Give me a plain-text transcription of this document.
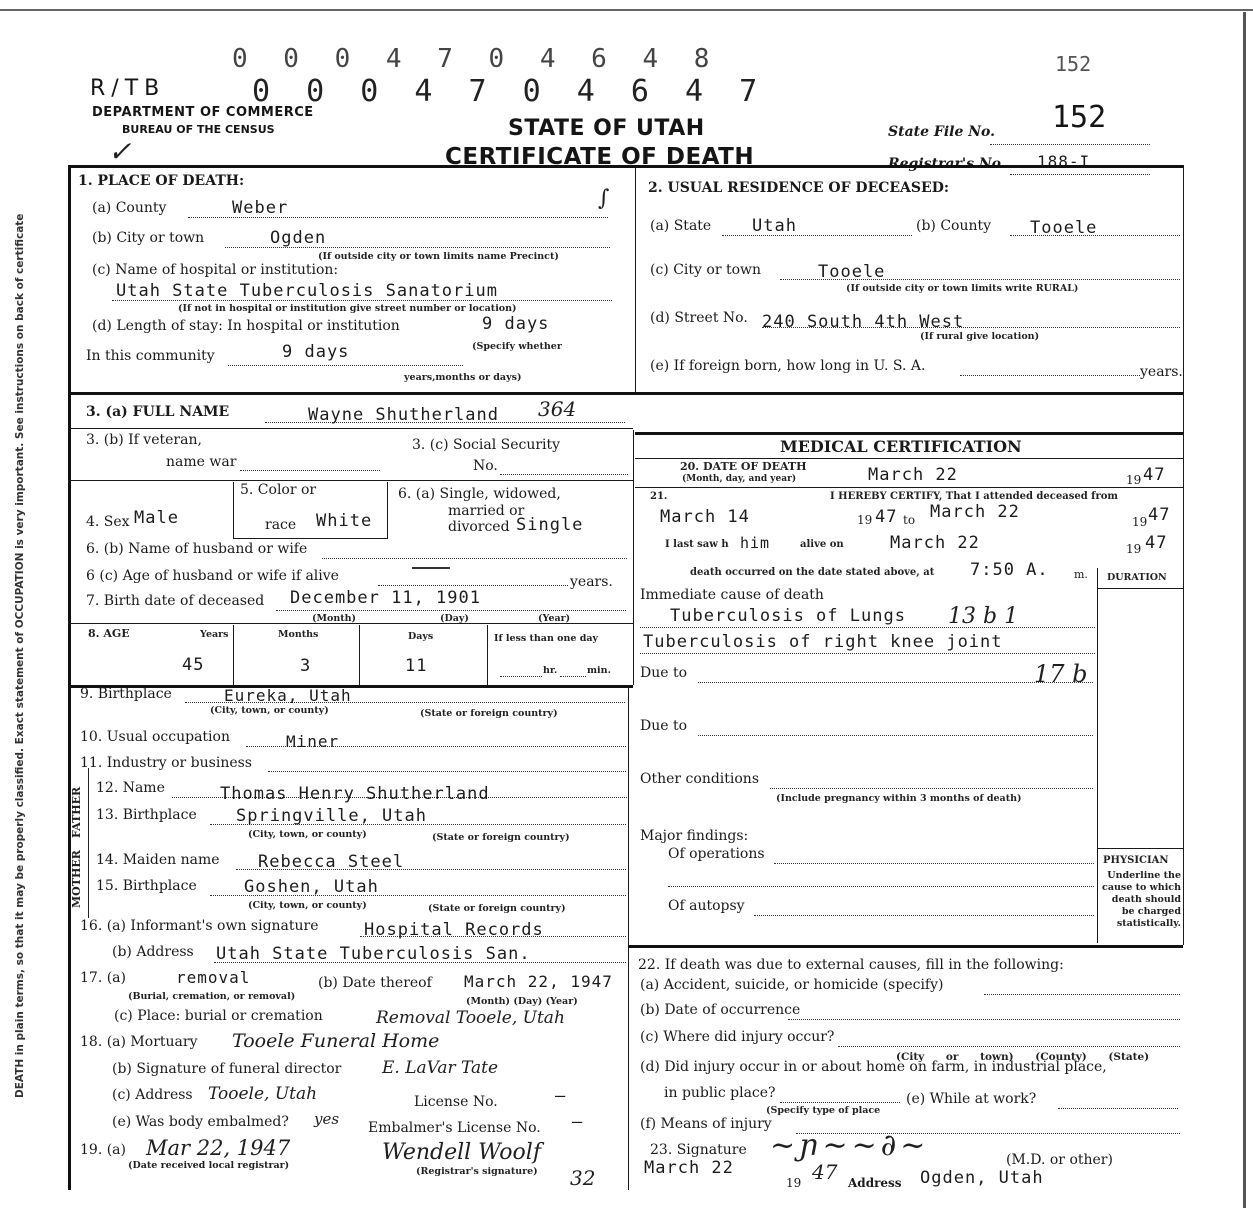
0 0 0 4 7 0 4 6 4 8	152
R/TB	0 0 0 4 7 0 4 6 4 7
DEPARTMENT OF COMMERCE
BUREAU OF THE CENSUS	STATE OF UTAH
CERTIFICATE OF DEATH
State File No. 152
Registrar's No. 188-I
✓
DEATH in plain terms, so that it may be properly classified. Exact statement of OCCUPATION is very important. See instructions on back of certificate
1. PLACE OF DEATH:
∫
(a) County	Weber
(b) City or town	Ogden
(If outside city or town limits name Precinct)
(c) Name of hospital or institution:
Utah State Tuberculosis Sanatorium
(If not in hospital or institution give street number or location)
(d) Length of stay: In hospital or institution	9 days
In this community	9 days	(Specify whether
years,months or days)
2. USUAL RESIDENCE OF DECEASED:
(a) State Utah	(b) County Tooele
(c) City or town	Tooele
(If outside city or town limits write RURAL)
(d) Street No. 240 South 4th West
(If rural give location)
(e) If foreign born, how long in U. S. A.	years.
3. (a) FULL NAME	Wayne Shutherland 364
3. (b) If veteran,
name war
3. (c) Social Security
No.
4. Sex Male
5. Color or
race White
6. (a) Single, widowed,
married or
divorced Single
6. (b) Name of husband or wife
6 (c) Age of husband or wife if alive	years.
7. Birth date of deceased December 11, 1901
(Month)	(Day)	(Year)
8. AGE	Years	Months	Days	If less than one day
45	3	11	hr.	min.
9. Birthplace	Eureka, Utah
(City, town, or county)	(State or foreign country)
10. Usual occupation	Miner
11. Industry or business
FATHER
MOTHER
12. Name	Thomas Henry Shutherland
13. Birthplace Springville, Utah
(City, town, or county)	(State or foreign country)
14. Maiden name Rebecca Steel
15. Birthplace	Goshen, Utah
(City, town, or county)	(State or foreign country)
16. (a) Informant's own signature	Hospital Records
(b) Address Utah State Tuberculosis San.
17. (a)	removal
(Burial, cremation, or removal)
(b) Date thereof March 22, 1947
(Month) (Day) (Year)
(c) Place: burial or cremation	Removal Tooele, Utah
18. (a) Mortuary Tooele Funeral Home
(b) Signature of funeral director E. LaVar Tate
(c) Address Tooele, Utah	License No.	—
(e) Was body embalmed? yes Embalmer's License No. —
19. (a) Mar 22, 1947
(Date received local registrar)
Wendell Woolf
(Registrar's signature) 32
MEDICAL CERTIFICATION
20. DATE OF DEATH
(Month, day, and year)	March 22	19 47
21.	I HEREBY CERTIFY, That I attended deceased from
March 14	19 47 to March 22	19 47
I last saw h him	alive on	March 22	19 47
death occurred on the date stated above, at 7:50 A. m. DURATION
Immediate cause of death
Tuberculosis of Lungs 13 b 1
Tuberculosis of right knee joint
Due to	17 b
Due to
Other conditions
(Include pregnancy within 3 months of death)
Major findings:
Of operations
Of autopsy
PHYSICIAN
Underline the cause to which death should be charged statistically.
22. If death was due to external causes, fill in the following:
(a) Accident, suicide, or homicide (specify)
(b) Date of occurrence
(c) Where did injury occur?
(City or town) (County) (State)
(d) Did injury occur in or about home on farm, in industrial place,
in public place?
(Specify type of place
(e) While at work?
(f) Means of injury
23. Signature ~ɲ∼~∂~	(M.D. or other)
March 22
19 47 Address Ogden, Utah
